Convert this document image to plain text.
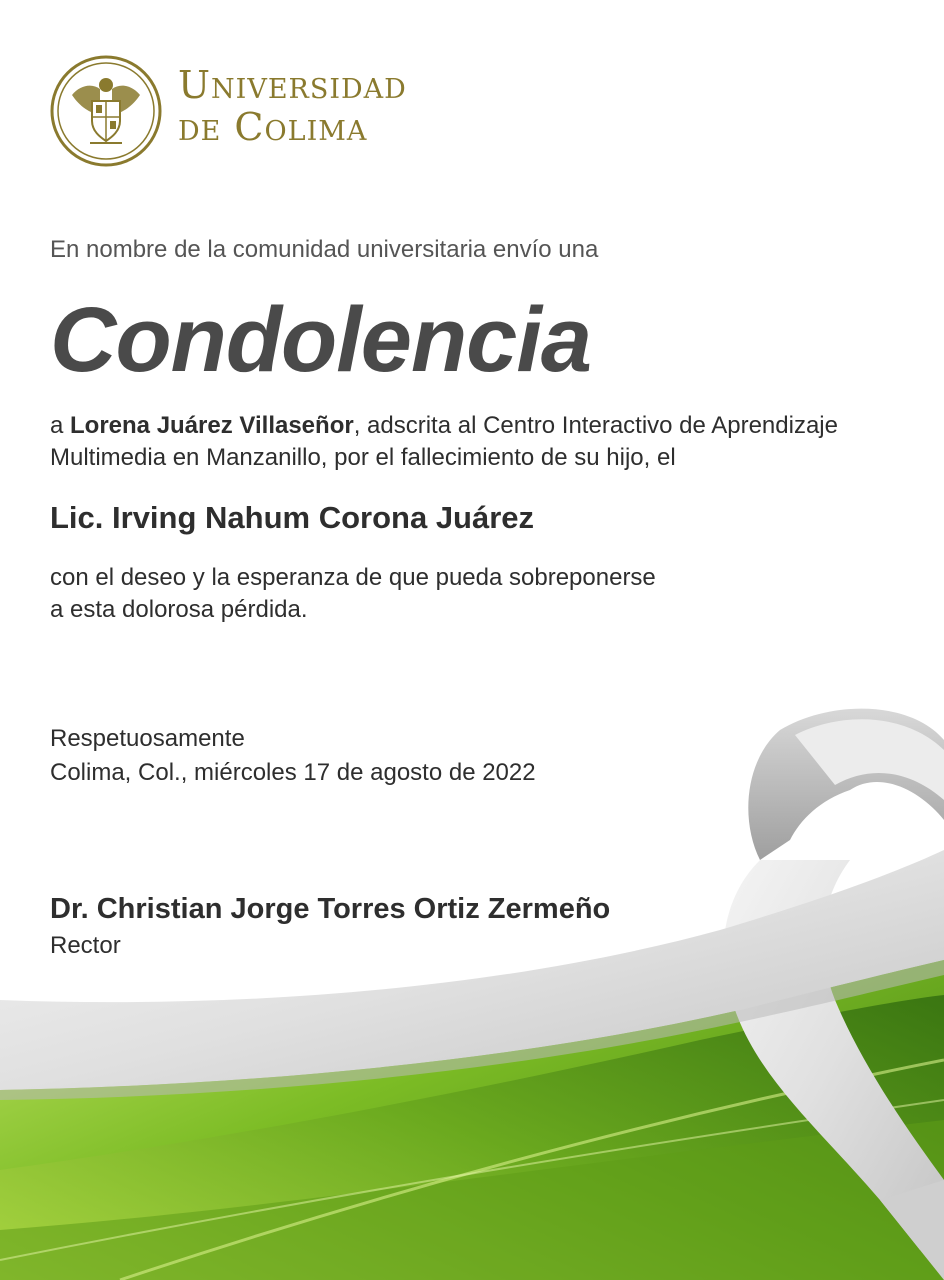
Universidad
de Colima
En nombre de la comunidad universitaria envío una
Condolencia
a Lorena Juárez Villaseñor, adscrita al Centro Interactivo de Aprendizaje Multimedia en Manzanillo, por el fallecimiento de su hijo, el
Lic. Irving Nahum Corona Juárez
con el deseo y la esperanza de que pueda sobreponerse
a esta dolorosa pérdida.
Respetuosamente
Colima, Col., miércoles 17 de agosto de 2022
Dr. Christian Jorge Torres Ortiz Zermeño
Rector
